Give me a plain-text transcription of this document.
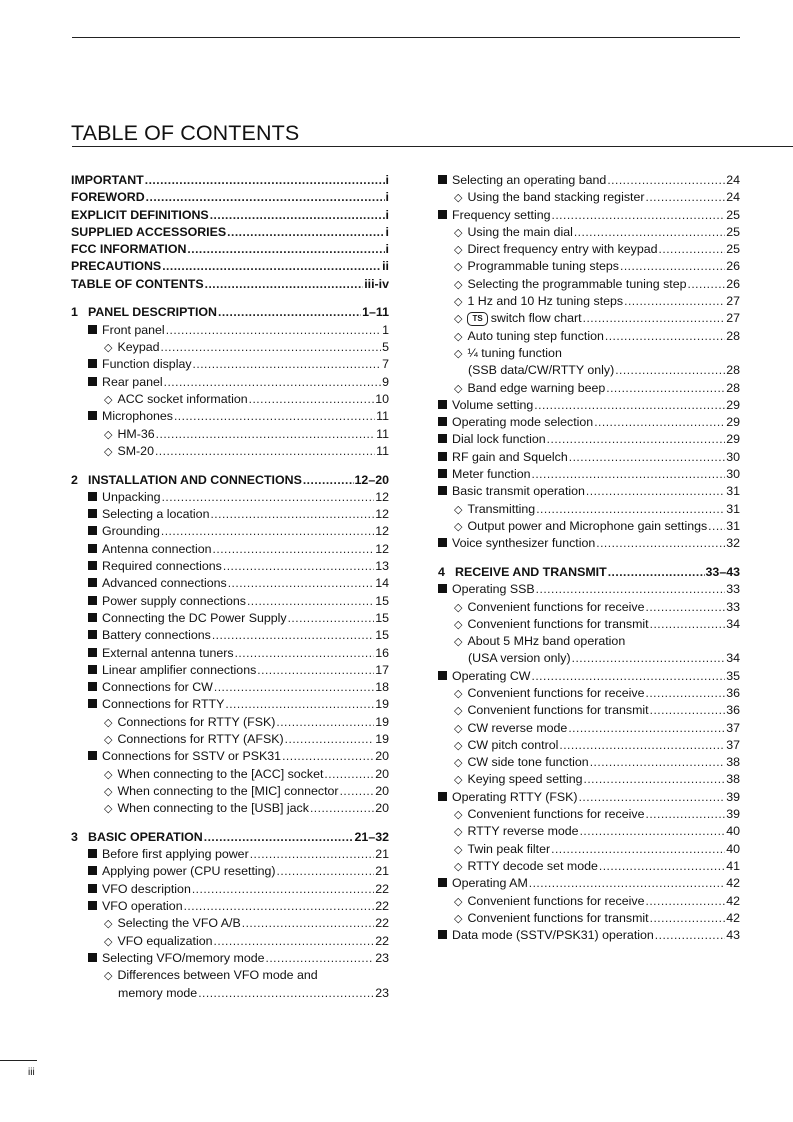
TABLE OF CONTENTS
IMPORTANT .....	i
FOREWORD .....	i
EXPLICIT DEFINITIONS .....	i
SUPPLIED ACCESSORIES .....	i
FCC INFORMATION .....	i
PRECAUTIONS .....	ii
TABLE OF CONTENTS .....	iii-iv
1 PANEL DESCRIPTION .....	1–11
Front panel .....	1
◇ Keypad .....	5
Function display .....	7
Rear panel .....	9
◇ ACC socket information .....	10
Microphones .....	11
◇ HM-36 .....	11
◇ SM-20 .....	11
2 INSTALLATION AND CONNECTIONS .....	12–20
Unpacking .....	12
Selecting a location .....	12
Grounding .....	12
Antenna connection .....	12
Required connections .....	13
Advanced connections .....	14
Power supply connections .....	15
Connecting the DC Power Supply .....	15
Battery connections .....	15
External antenna tuners .....	16
Linear amplifier connections .....	17
Connections for CW .....	18
Connections for RTTY .....	19
◇ Connections for RTTY (FSK) .....	19
◇ Connections for RTTY (AFSK) .....	19
Connections for SSTV or PSK31 .....	20
◇ When connecting to the [ACC] socket .....	20
◇ When connecting to the [MIC] connector .....	20
◇ When connecting to the [USB] jack .....	20
3 BASIC OPERATION .....	21–32
Before first applying power .....	21
Applying power (CPU resetting) .....	21
VFO description .....	22
VFO operation .....	22
◇ Selecting the VFO A/B .....	22
◇ VFO equalization .....	22
Selecting VFO/memory mode .....	23
◇ Differences between VFO mode and
memory mode .....	23
Selecting an operating band .....	24
◇ Using the band stacking register .....	24
Frequency setting .....	25
◇ Using the main dial .....	25
◇ Direct frequency entry with keypad .....	25
◇ Programmable tuning steps .....	26
◇ Selecting the programmable tuning step .....	26
◇ 1 Hz and 10 Hz tuning steps .....	27
◇ TS switch flow chart .....	27
◇ Auto tuning step function .....	28
◇ ¼ tuning function
(SSB data/CW/RTTY only) .....	28
◇ Band edge warning beep .....	28
Volume setting .....	29
Operating mode selection .....	29
Dial lock function .....	29
RF gain and Squelch .....	30
Meter function .....	30
Basic transmit operation .....	31
◇ Transmitting .....	31
◇ Output power and Microphone gain settings ..... 31
Voice synthesizer function .....	32
4 RECEIVE AND TRANSMIT .....	33–43
Operating SSB .....	33
◇ Convenient functions for receive .....	33
◇ Convenient functions for transmit .....	34
◇ About 5 MHz band operation
(USA version only) .....	34
Operating CW .....	35
◇ Convenient functions for receive .....	36
◇ Convenient functions for transmit .....	36
◇ CW reverse mode .....	37
◇ CW pitch control .....	37
◇ CW side tone function .....	38
◇ Keying speed setting .....	38
Operating RTTY (FSK) .....	39
◇ Convenient functions for receive .....	39
◇ RTTY reverse mode .....	40
◇ Twin peak filter .....	40
◇ RTTY decode set mode .....	41
Operating AM .....	42
◇ Convenient functions for receive .....	42
◇ Convenient functions for transmit .....	42
Data mode (SSTV/PSK31) operation .....	43
iii
